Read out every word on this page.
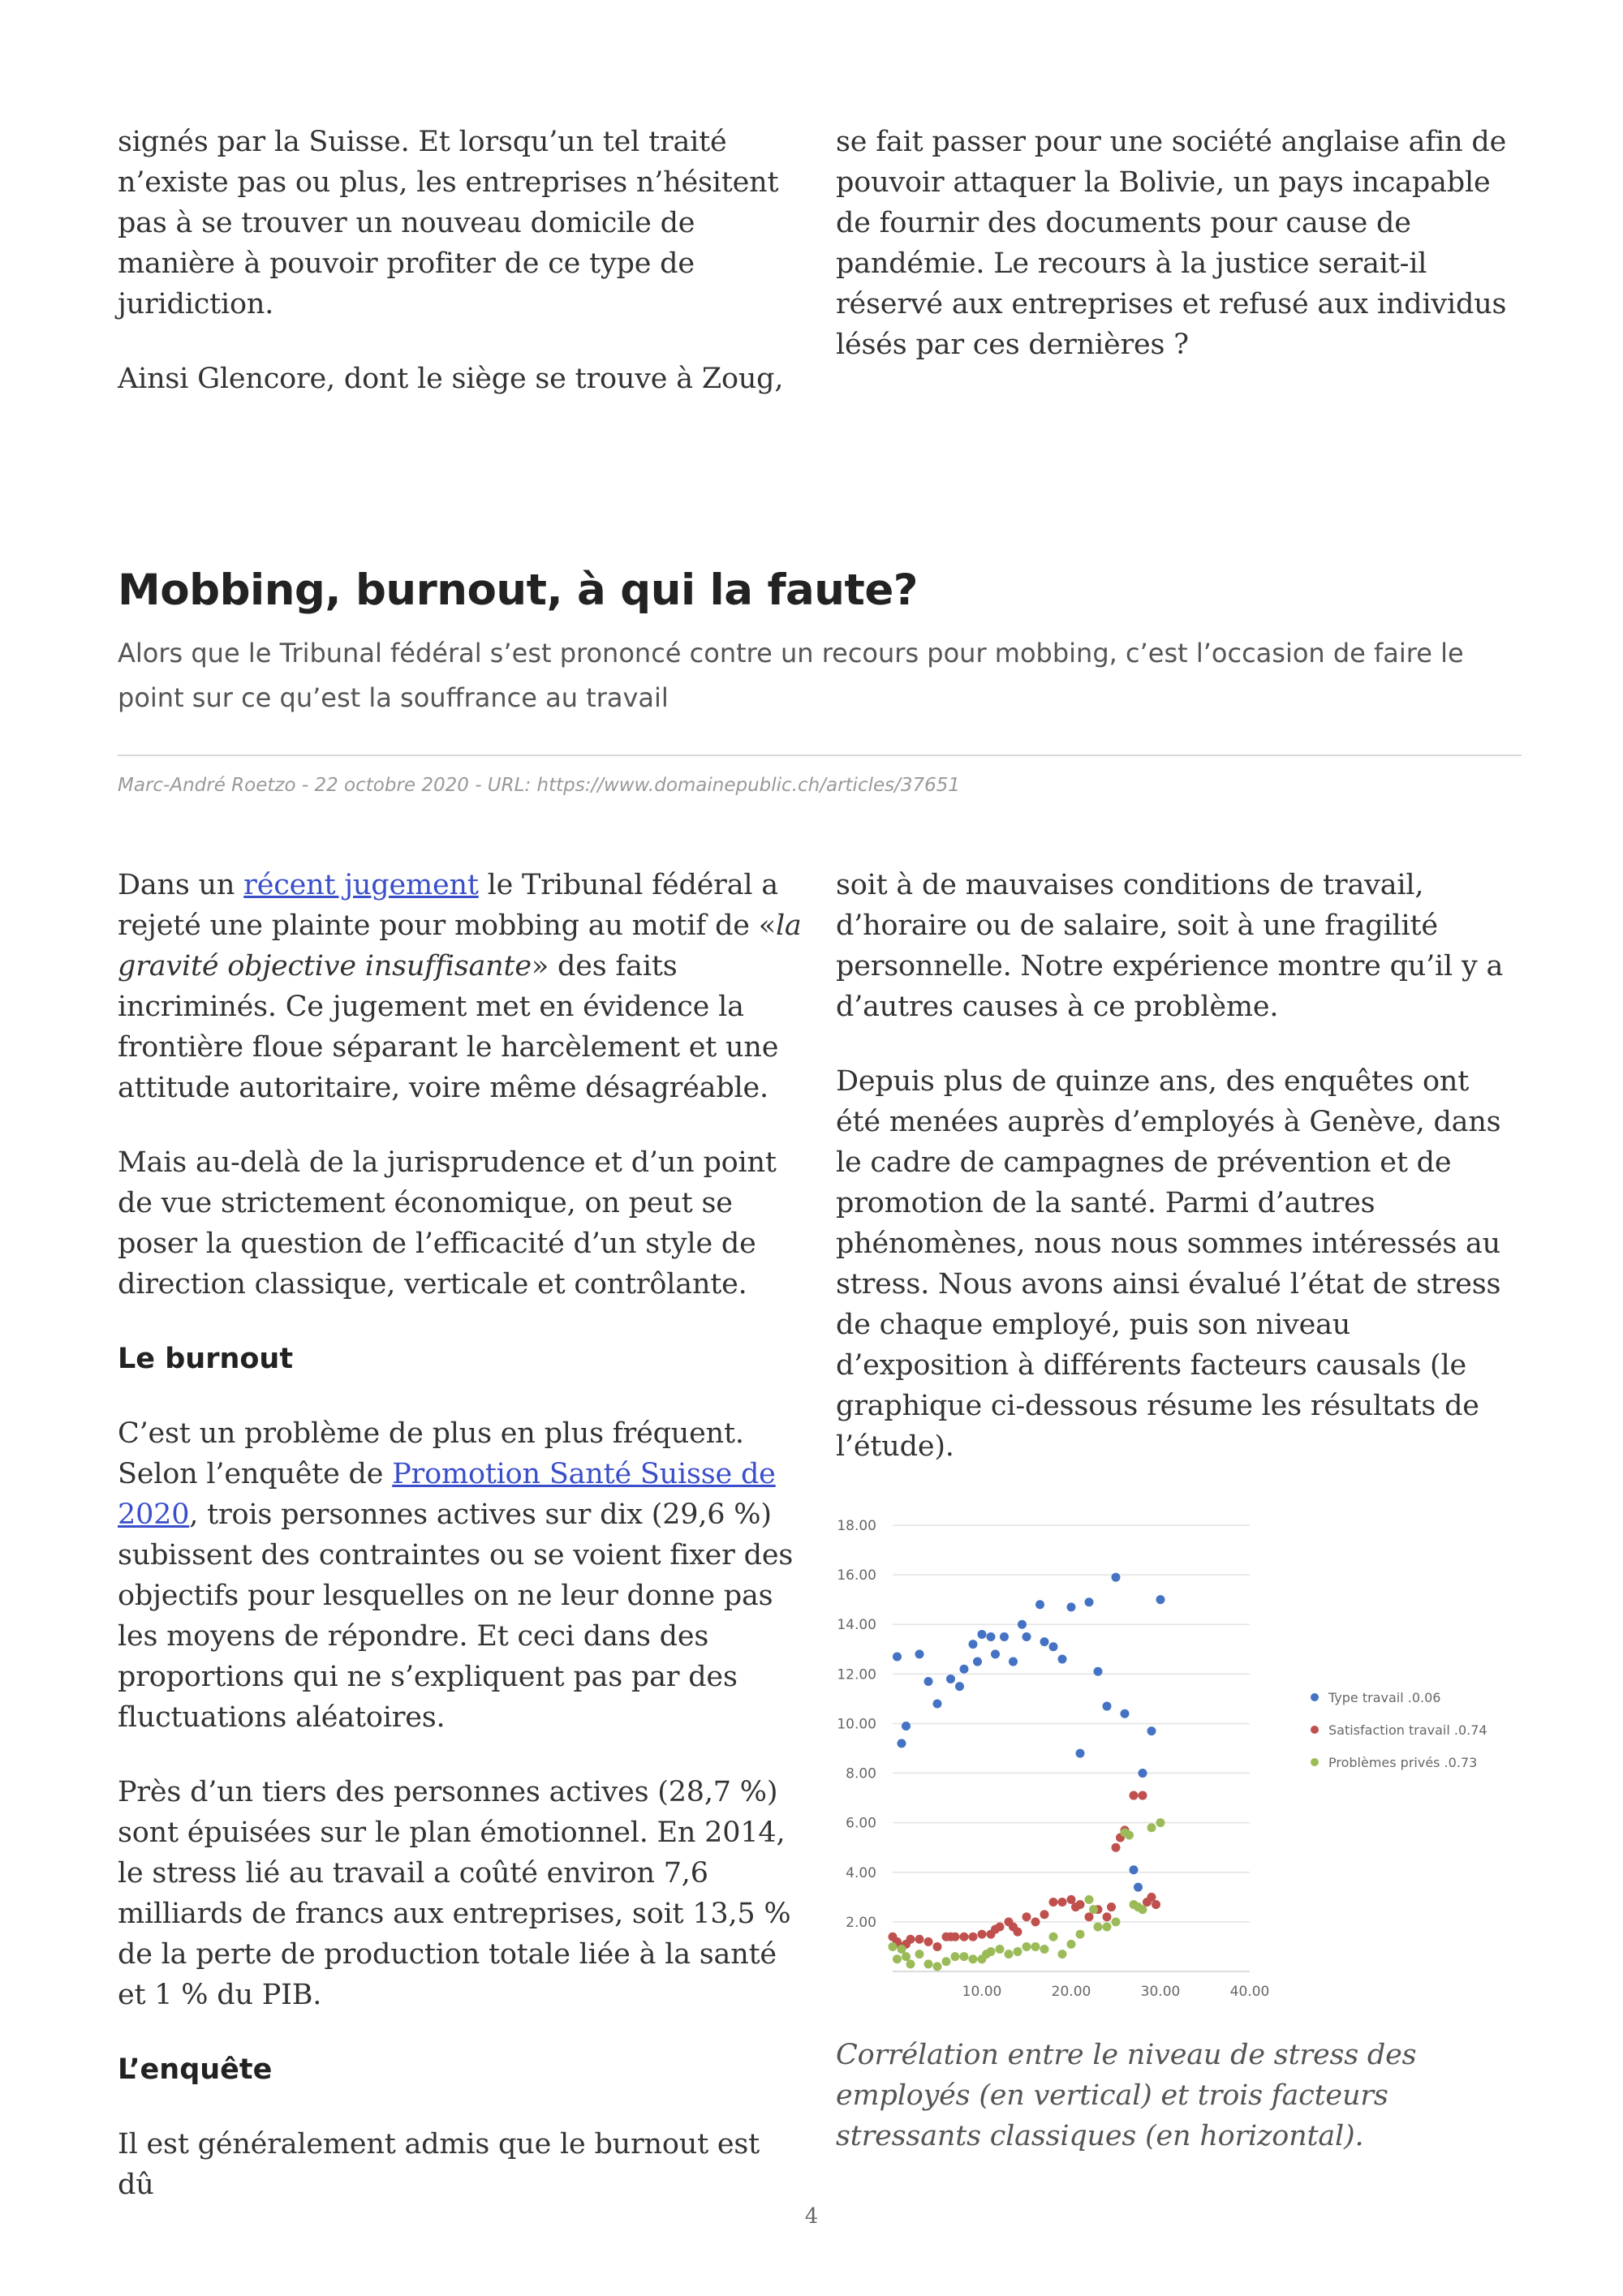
signés par la Suisse. Et lorsqu’un tel traité n’existe pas ou plus, les entreprises n’hésitent pas à se trouver un nouveau domicile de manière à pouvoir profiter de ce type de juridiction.

Ainsi Glencore, dont le siège se trouve à Zoug,

se fait passer pour une société anglaise afin de pouvoir attaquer la Bolivie, un pays incapable de fournir des documents pour cause de pandémie. Le recours à la justice serait-il réservé aux entreprises et refusé aux individus lésés par ces dernières ?

Mobbing, burnout, à qui la faute?

Alors que le Tribunal fédéral s’est prononcé contre un recours pour mobbing, c’est l’occasion de faire le point sur ce qu’est la souffrance au travail

Marc-André Roetzo - 22 octobre 2020 - URL: https://www.domainepublic.ch/articles/37651

Dans un récent jugement le Tribunal fédéral a rejeté une plainte pour mobbing au motif de «la gravité objective insuffisante» des faits incriminés. Ce jugement met en évidence la frontière floue séparant le harcèlement et une attitude autoritaire, voire même désagréable.

Mais au-delà de la jurisprudence et d’un point de vue strictement économique, on peut se poser la question de l’efficacité d’un style de direction classique, verticale et contrôlante.

Le burnout

C’est un problème de plus en plus fréquent. Selon l’enquête de Promotion Santé Suisse de 2020, trois personnes actives sur dix (29,6 %) subissent des contraintes ou se voient fixer des objectifs pour lesquelles on ne leur donne pas les moyens de répondre. Et ceci dans des proportions qui ne s’expliquent pas par des fluctuations aléatoires.

Près d’un tiers des personnes actives (28,7 %) sont épuisées sur le plan émotionnel. En 2014, le stress lié au travail a coûté environ 7,6 milliards de francs aux entreprises, soit 13,5 % de la perte de production totale liée à la santé et 1 % du PIB.

L’enquête

Il est généralement admis que le burnout est dû

soit à de mauvaises conditions de travail, d’horaire ou de salaire, soit à une fragilité personnelle. Notre expérience montre qu’il y a d’autres causes à ce problème.

Depuis plus de quinze ans, des enquêtes ont été menées auprès d’employés à Genève, dans le cadre de campagnes de prévention et de promotion de la santé. Parmi d’autres phénomènes, nous nous sommes intéressés au stress. Nous avons ainsi évalué l’état de stress de chaque employé, puis son niveau d’exposition à différents facteurs causals (le graphique ci-dessous résume les résultats de l’étude).

2.00
4.00
6.00
8.00
10.00
12.00
14.00
16.00
18.00
10.00	20.00	30.00	40.00
Type travail .0.06
Satisfaction travail .0.74
Problèmes privés .0.73

Corrélation entre le niveau de stress des employés (en vertical) et trois facteurs stressants classiques (en horizontal).

4
